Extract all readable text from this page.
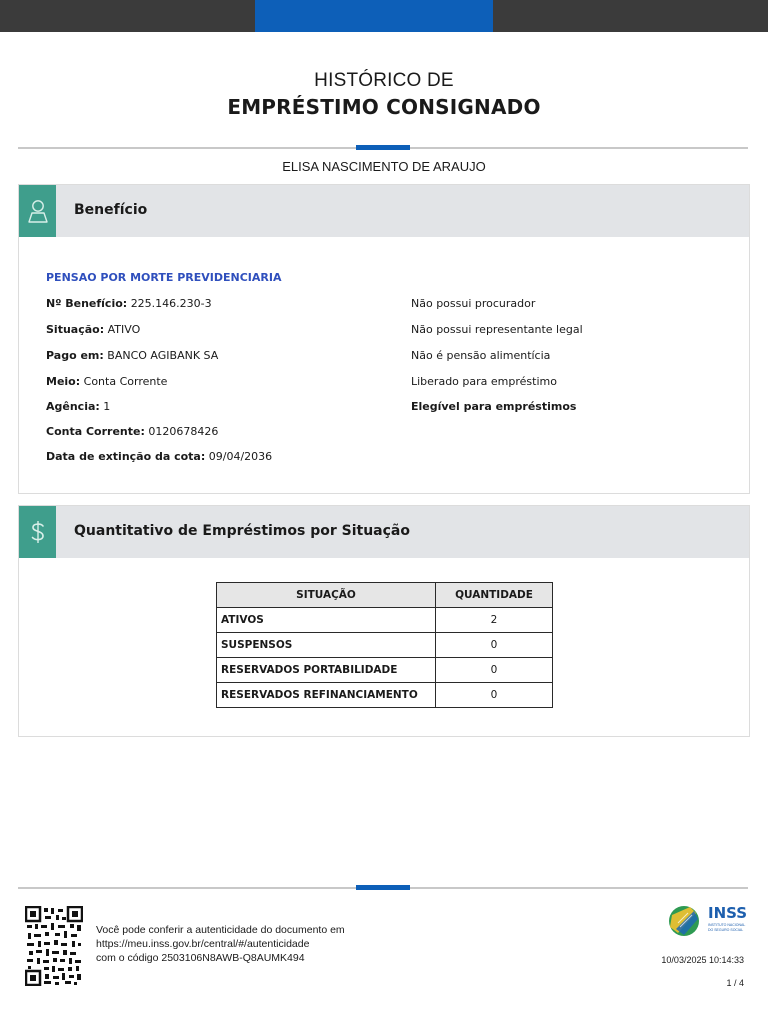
HISTÓRICO DE
EMPRÉSTIMO CONSIGNADO
ELISA NASCIMENTO DE ARAUJO
Benefício
PENSAO POR MORTE PREVIDENCIARIA
Nº Benefício: 225.146.230-3
Situação: ATIVO
Pago em: BANCO AGIBANK SA
Meio: Conta Corrente
Agência: 1
Conta Corrente: 0120678426
Data de extinção da cota: 09/04/2036
Não possui procurador
Não possui representante legal
Não é pensão alimentícia
Liberado para empréstimo
Elegível para empréstimos
Quantitativo de Empréstimos por Situação
SITUAÇÃO	QUANTIDADE
ATIVOS	2
SUSPENSOS	0
RESERVADOS PORTABILIDADE	0
RESERVADOS REFINANCIAMENTO	0
Você pode conferir a autenticidade do documento em
https://meu.inss.gov.br/central/#/autenticidade
com o código 2503106N8AWB-Q8AUMK494
INSS
INSTITUTO NACIONAL DO SEGURO SOCIAL
10/03/2025 10:14:33
1 / 4
